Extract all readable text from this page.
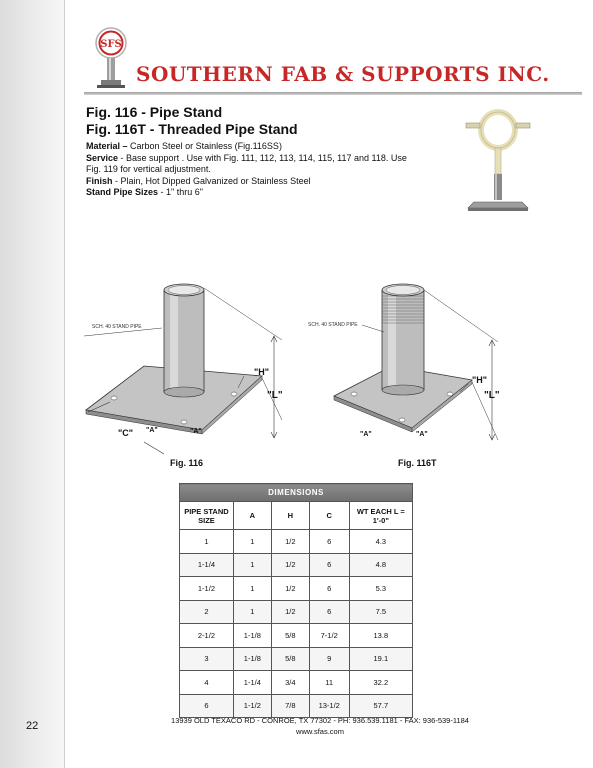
SFS
SOUTHERN FAB & SUPPORTS INC.
Fig. 116 - Pipe Stand
Fig. 116T - Threaded Pipe Stand

Material – Carbon Steel or Stainless (Fig.116SS)

Service - Base support . Use with Fig. 111, 112, 113, 114, 115, 117 and 118. Use Fig. 119 for vertical adjustment.

Finish - Plain, Hot Dipped Galvanized or Stainless Steel

Stand Pipe Sizes - 1" thru 6"

"L"
"H"
SCH. 40 STAND PIPE
"C" "A"	"A"
Fig. 116
"L"
"H"
SCH. 40 STAND PIPE
"A"	"A"
Fig. 116T
DIMENSIONS				
PIPE STAND SIZE	A	H	C	WT EACH L = 1'-0"
1	1	1/2	6	4.3
1-1/4	1	1/2	6	4.8
1-1/2	1	1/2	6	5.3
2	1	1/2	6	7.5
2-1/2	1-1/8	5/8	7-1/2	13.8
3	1-1/8	5/8	9	19.1
4	1-1/4	3/4	11	32.2
6	1-1/2	7/8	13-1/2	57.7
22	13939 OLD TEXACO RD - CONROE, TX 77302 - PH: 936.539.1181 - FAX: 936-539-1184
www.sfas.com
